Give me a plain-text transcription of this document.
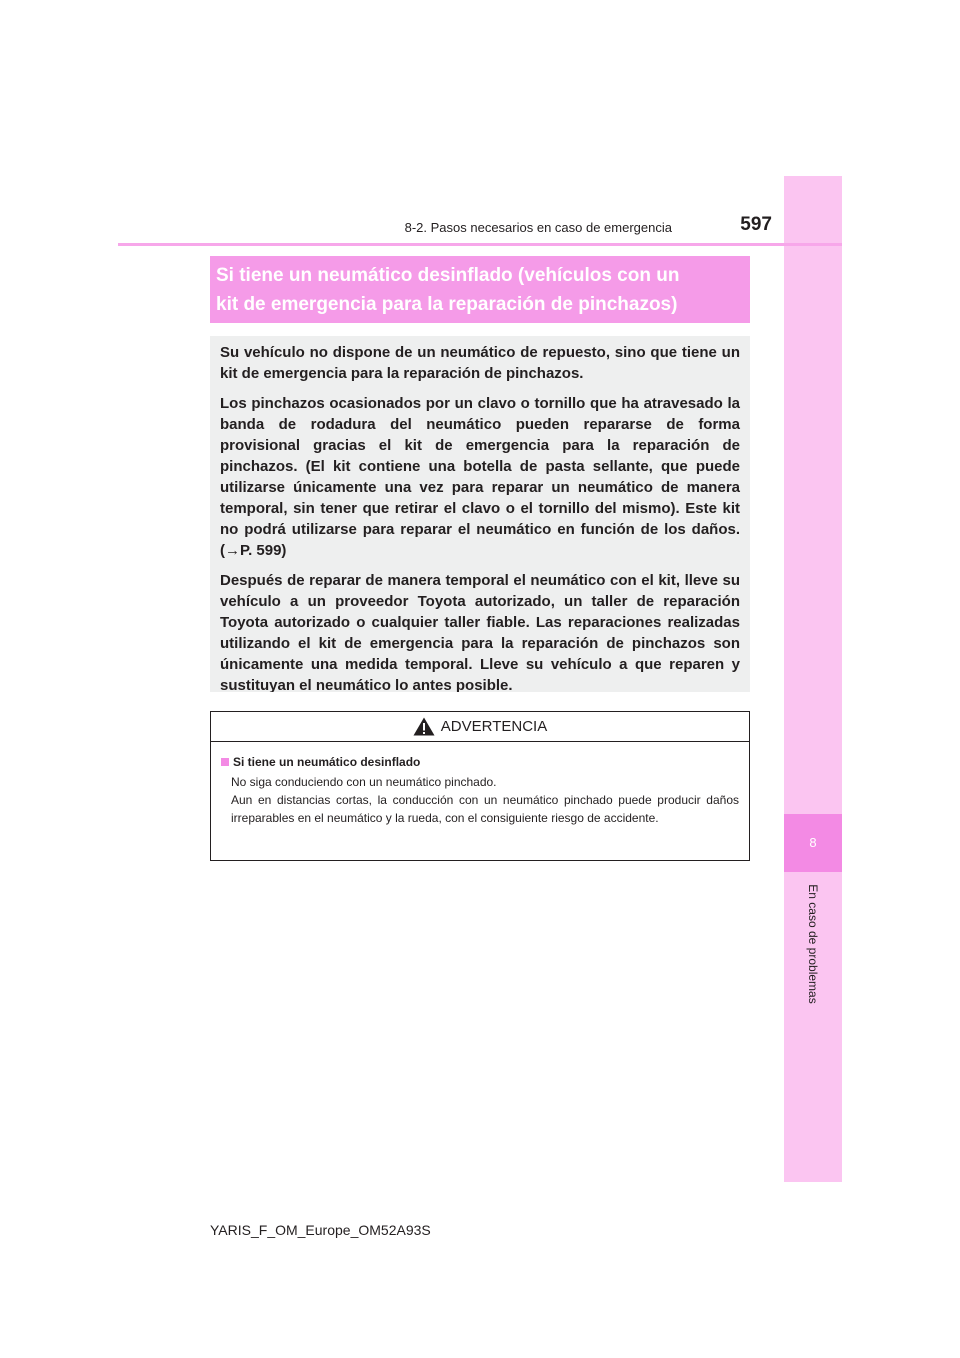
8
En caso de problemas
8-2. Pasos necesarios en caso de emergencia	597
Si tiene un neumático desinflado (vehículos con un
kit de emergencia para la reparación de pinchazos)

Su vehículo no dispone de un neumático de repuesto, sino que tiene un kit de emergencia para la reparación de pinchazos.

Los pinchazos ocasionados por un clavo o tornillo que ha atravesado la banda de rodadura del neumático pueden repararse de forma provisional gracias el kit de emergencia para la reparación de pinchazos. (El kit contiene una botella de pasta sellante, que puede utilizarse únicamente una vez para reparar un neumático de manera temporal, sin tener que retirar el clavo o el tornillo del mismo). Este kit no podrá utilizarse para reparar el neumático en función de los daños. (→P. 599)

Después de reparar de manera temporal el neumático con el kit, lleve su vehículo a un proveedor Toyota autorizado, un taller de reparación Toyota autorizado o cualquier taller fiable. Las reparaciones realizadas utilizando el kit de emergencia para la reparación de pinchazos son únicamente una medida temporal. Lleve su vehículo a que reparen y sustituyan el neumático lo antes posible.

ADVERTENCIA
Si tiene un neumático desinflado
No siga conduciendo con un neumático pinchado.
Aun en distancias cortas, la conducción con un neumático pinchado puede producir daños irreparables en el neumático y la rueda, con el consiguiente riesgo de accidente.
YARIS_F_OM_Europe_OM52A93S
